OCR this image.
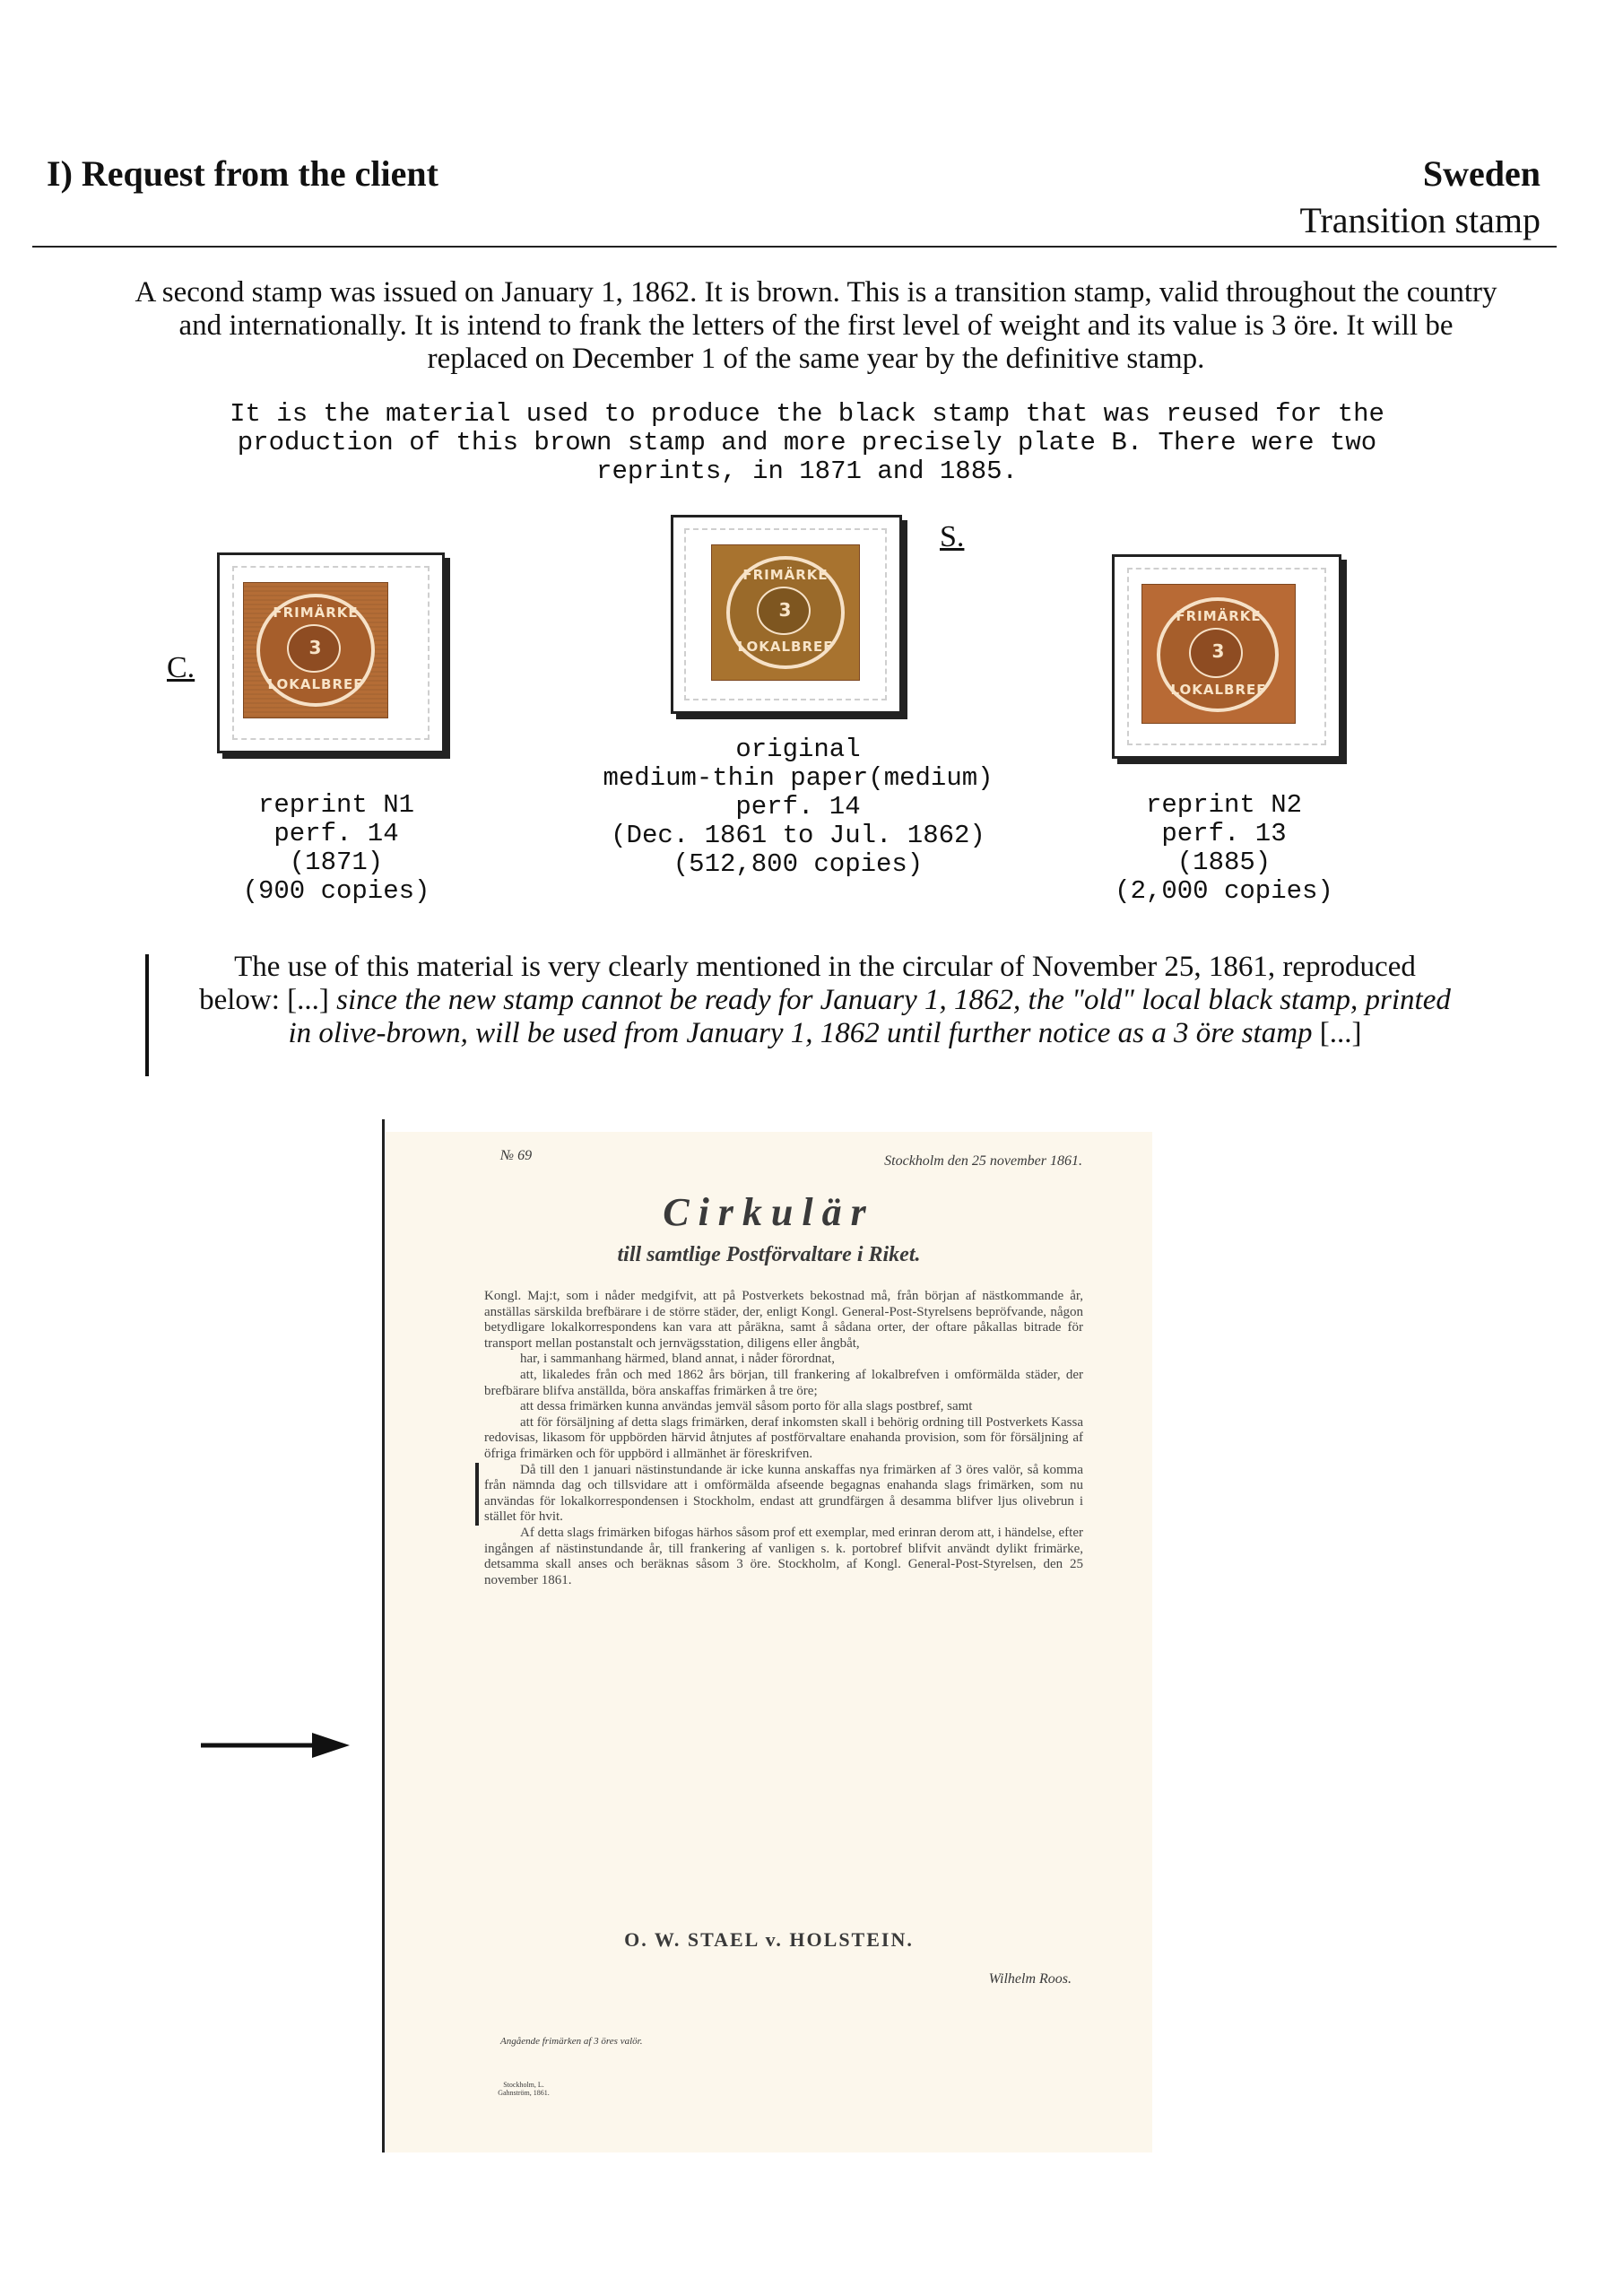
I) Request from the client	Sweden
Transition stamp
A second stamp was issued on January 1, 1862. It is brown. This is a transition stamp, valid throughout the country and internationally. It is intend to frank the letters of the first level of weight and its value is 3 öre. It will be replaced on December 1 of the same year by the definitive stamp.
It is the material used to produce the black stamp that was reused for the production of this brown stamp and more precisely plate B. There were two reprints, in 1871 and 1885.
C.
FRIMÄRKE
3
LOKALBREF
reprint N1
perf. 14
(1871)
(900 copies)
S.
FRIMÄRKE
3
LOKALBREF
original
medium-thin paper(medium)
perf. 14
(Dec. 1861 to Jul. 1862)
(512,800 copies)
FRIMÄRKE
3
LOKALBREF
reprint N2
perf. 13
(1885)
(2,000 copies)
The use of this material is very clearly mentioned in the circular of November 25, 1861, reproduced below: [...] since the new stamp cannot be ready for January 1, 1862, the "old" local black stamp, printed in olive-brown, will be used from January 1, 1862 until further notice as a 3 öre stamp [...]
№ 69	Stockholm den 25 november 1861.
Cirkulär
till samtlige Postförvaltare i Riket.

Kongl. Maj:t, som i nåder medgifvit, att på Postverkets bekostnad må, från början af nästkommande år, anställas särskilda brefbärare i de större städer, der, enligt Kongl. General-Post-Styrelsens bepröfvande, någon betydligare lokalkorrespondens kan vara att påräkna, samt å sådana orter, der oftare påkallas bitrade för transport mellan postanstalt och jernvägsstation, diligens eller ångbåt,

har, i sammanhang härmed, bland annat, i nåder förordnat,

att, likaledes från och med 1862 års början, till frankering af lokalbrefven i omförmälda städer, der brefbärare blifva anställda, böra anskaffas frimärken å tre öre;

att dessa frimärken kunna användas jemväl såsom porto för alla slags postbref, samt

att för försäljning af detta slags frimärken, deraf inkomsten skall i behörig ordning till Postverkets Kassa redovisas, likasom för uppbörden härvid åtnjutes af postförvaltare enahanda provision, som för försäljning af öfriga frimärken och för uppbörd i allmänhet är föreskrifven.

Då till den 1 januari nästinstundande är icke kunna anskaffas nya frimärken af 3 öres valör, så komma från nämnda dag och tillsvidare att i omförmälda afseende begagnas enahanda slags frimärken, som nu användas för lokalkorrespondensen i Stockholm, endast att grundfärgen å desamma blifver ljus olivebrun i stället för hvit.

Af detta slags frimärken bifogas härhos såsom prof ett exemplar, med erinran derom att, i händelse, efter ingången af nästinstundande år, till frankering af vanligen s. k. portobref blifvit användt dylikt frimärke, detsamma skall anses och beräknas såsom 3 öre. Stockholm, af Kongl. General-Post-Styrelsen, den 25 november 1861.

O. W. STAEL v. HOLSTEIN.
Wilhelm Roos.
Angående frimärken af 3 öres valör.
Stockholm, L. Gahnström, 1861.
